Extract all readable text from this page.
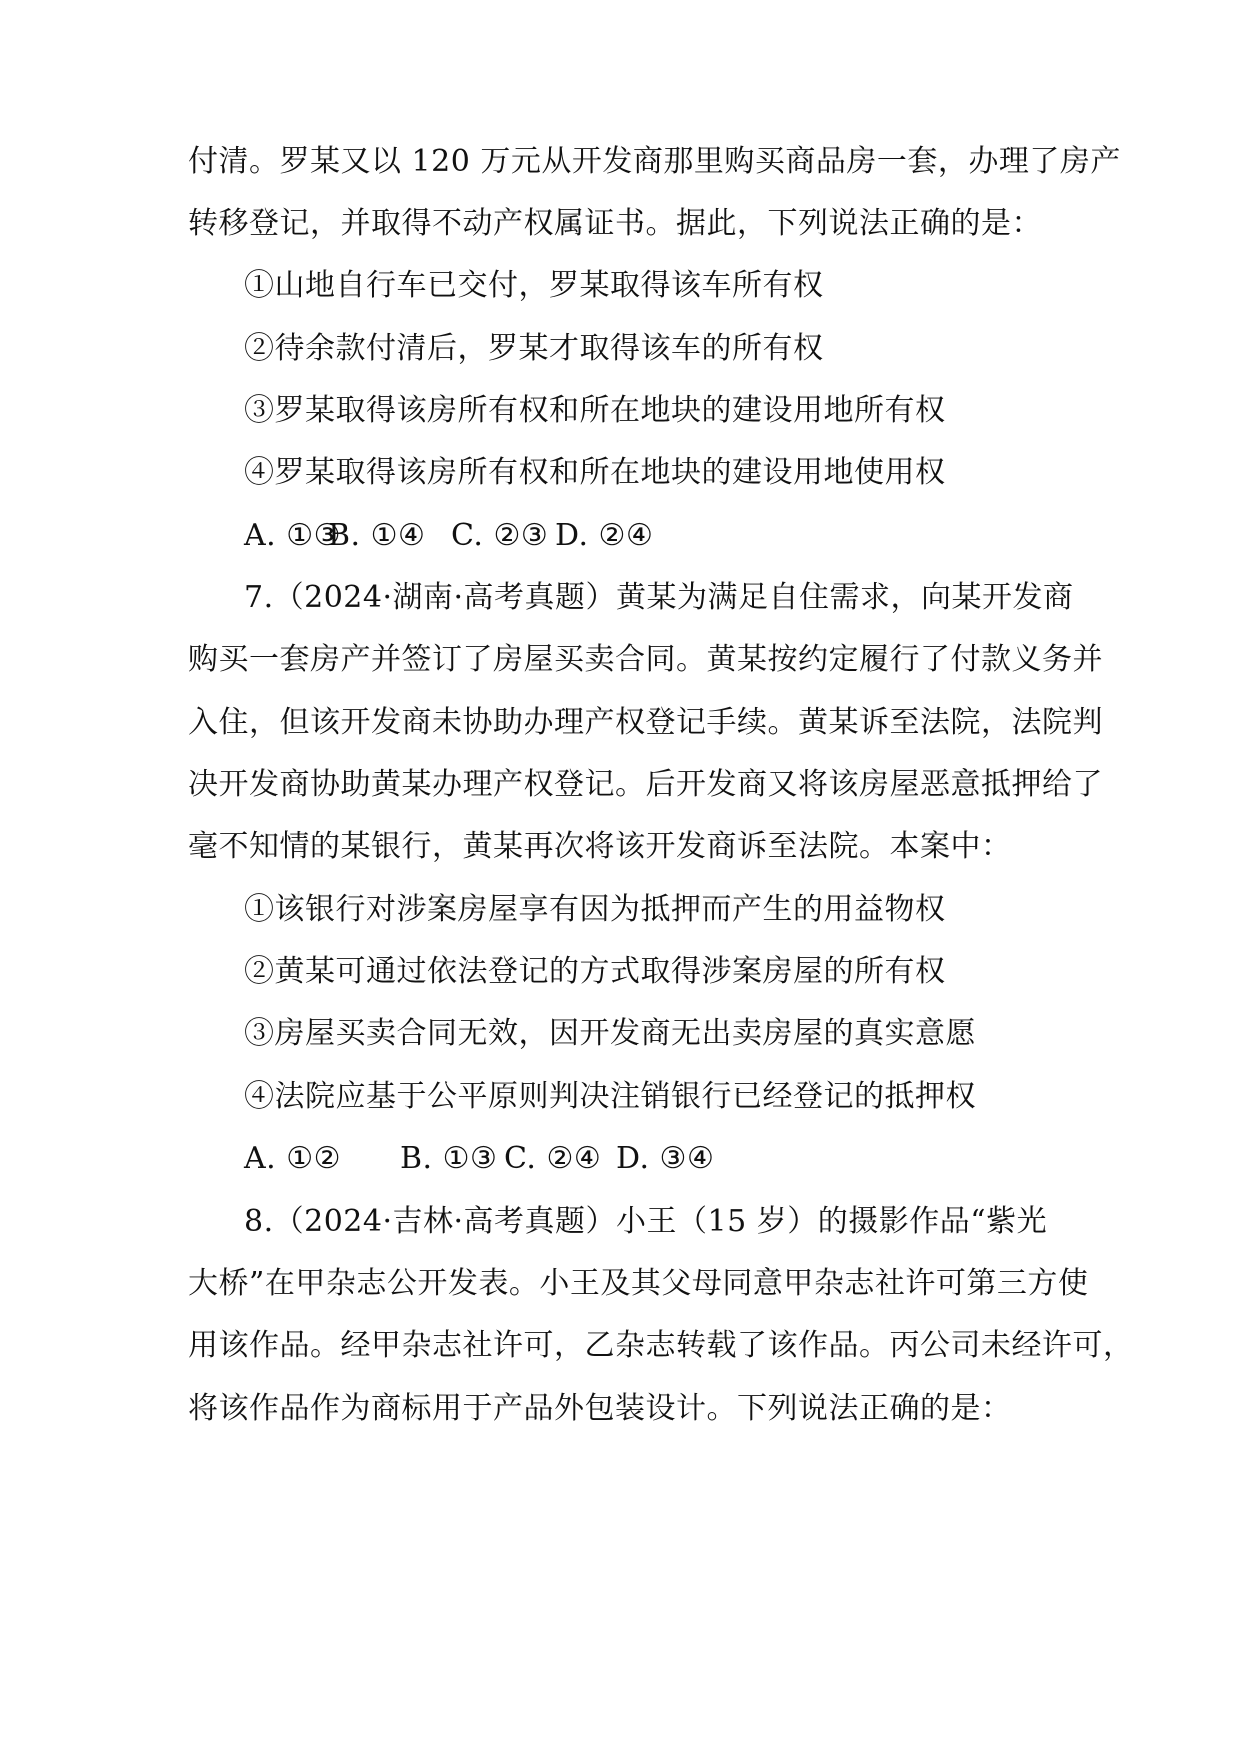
付清。罗某又以 120 万元从开发商那里购买商品房一套，办理了房产
转移登记，并取得不动产权属证书。据此，下列说法正确的是：
①山地自行车已交付，罗某取得该车所有权
②待余款付清后，罗某才取得该车的所有权
③罗某取得该房所有权和所在地块的建设用地所有权
④罗某取得该房所有权和所在地块的建设用地使用权
A. ①③B. ①④ C. ②③ D. ②④
7.（2024·湖南·高考真题）黄某为满足自住需求，向某开发商
购买一套房产并签订了房屋买卖合同。黄某按约定履行了付款义务并
入住，但该开发商未协助办理产权登记手续。黄某诉至法院，法院判
决开发商协助黄某办理产权登记。后开发商又将该房屋恶意抵押给了
毫不知情的某银行，黄某再次将该开发商诉至法院。本案中：
①该银行对涉案房屋享有因为抵押而产生的用益物权
②黄某可通过依法登记的方式取得涉案房屋的所有权
③房屋买卖合同无效，因开发商无出卖房屋的真实意愿
④法院应基于公平原则判决注销银行已经登记的抵押权
A. ①② B. ①③ C. ②④ D. ③④
8.（2024·吉林·高考真题）小王（15 岁）的摄影作品“紫光
大桥”在甲杂志公开发表。小王及其父母同意甲杂志社许可第三方使
用该作品。经甲杂志社许可，乙杂志转载了该作品。丙公司未经许可，
将该作品作为商标用于产品外包装设计。下列说法正确的是：
